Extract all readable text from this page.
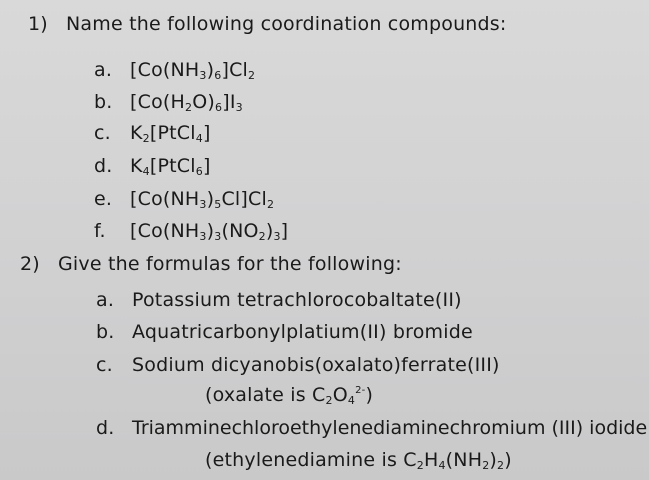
1) Name the following coordination compounds:
a. $[Co(NH_3)_6]Cl_2$
b. $[Co(H_2O)_6]I_3$
c. $K_2[PtCl_4]$
d. $K_4[PtCl_6]$
e. $[Co(NH_3)_5Cl]Cl_2$
f. $[Co(NH_3)_3(NO_2)_3]$
2) Give the formulas for the following:
a. Potassium tetrachlorocobaltate(II)
b. Aquatricarbonylplatium(II) bromide
c. Sodium dicyanobis(oxalato)ferrate(III)
(oxalate is $C_2O_4^{2-}$)
d. Triamminechloroethylenediaminechromium (III) iodide
(ethylenediamine is $C_2H_4(NH_2)_2$)
